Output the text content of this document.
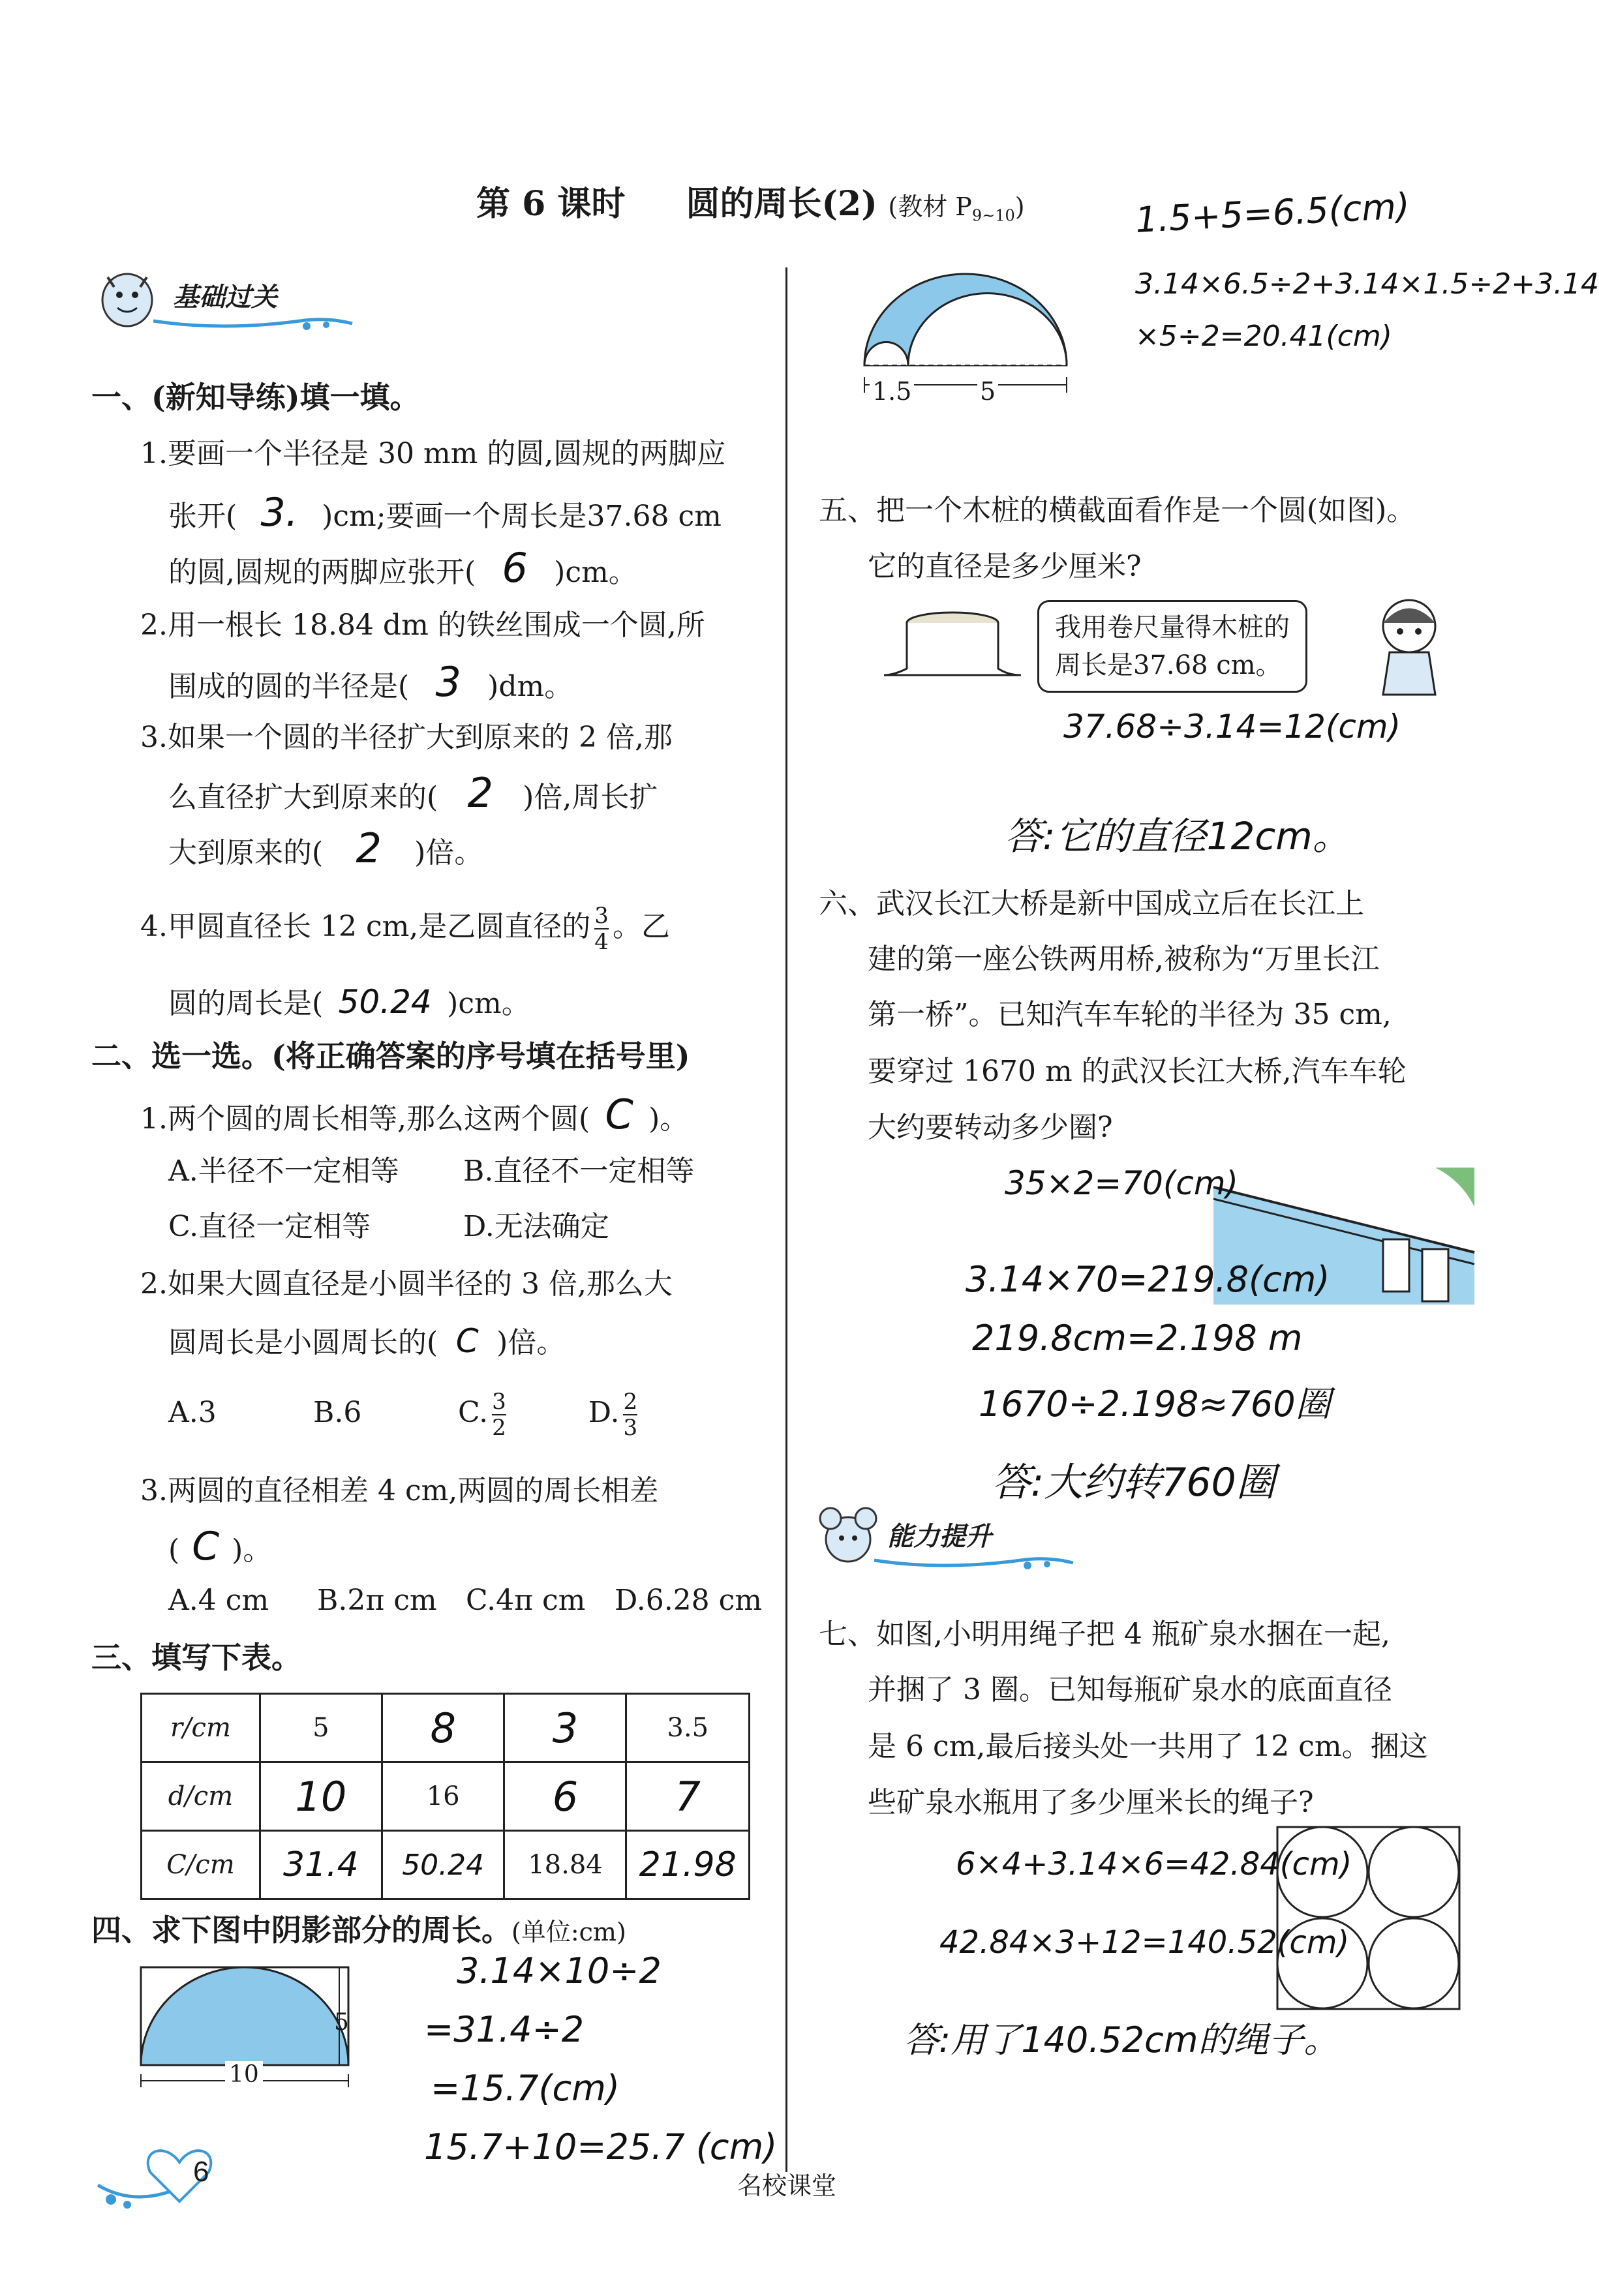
第 6 课时 圆的周长(2) (教材 $P_{9\sim 10}$)	1.5+5=6.5(cm)
3.14×6.5÷2+3.14×1.5÷2+3.14
×5÷2=20.41(cm)
基础过关
一、(新知导练)填一填。
1.要画一个半径是 30 mm 的圆,圆规的两脚应
张开( 3. )cm;要画一个周长是37.68 cm
的圆,圆规的两脚应张开( 6 )cm。
2.用一根长 18.84 dm 的铁丝围成一个圆,所
围成的圆的半径是( 3 )dm。
3.如果一个圆的半径扩大到原来的 2 倍,那
么直径扩大到原来的( 2 )倍,周长扩
大到原来的( 2 )倍。
4.甲圆直径长 12 cm,是乙圆直径的 $\frac{3}{4}$ 。乙
圆的周长是( 50.24 )cm。
二、选一选。(将正确答案的序号填在括号里)
1.两个圆的周长相等,那么这两个圆( C )。
A.半径不一定相等 B.直径不一定相等
C.直径一定相等	D.无法确定
2.如果大圆直径是小圆半径的 3 倍,那么大
圆周长是小圆周长的( C )倍。
A.3	B.6	C. $\frac{3}{2}$	D. $\frac{2}{3}$
3.两圆的直径相差 4 cm,两圆的周长相差
( C )。
A.4 cm B.2π cm C.4π cm D.6.28 cm
三、填写下表。
r/cm	5	8	3	3.5
d/cm	10	16	6	7
C/cm	31.4	50.24	18.84	21.98
四、求下图中阴影部分的周长。(单位:cm)
5
10
3.14×10÷2
=31.4÷2
=15.7(cm)
15.7+10=25.7 (cm)
1.5	5
五、把一个木桩的横截面看作是一个圆(如图)。
它的直径是多少厘米?
我用卷尺量得木桩的
周长是37.68 cm。
37.68÷3.14=12(cm)
答:它的直径12cm。
六、武汉长江大桥是新中国成立后在长江上
建的第一座公铁两用桥,被称为“万里长江
第一桥”。已知汽车车轮的半径为 35 cm,
要穿过 1670 m 的武汉长江大桥,汽车车轮
大约要转动多少圈?
35×2=70(cm)
3.14×70=219.8(cm)
219.8cm=2.198 m
1670÷2.198≈760圈
答:大约转760圈
能力提升
七、如图,小明用绳子把 4 瓶矿泉水捆在一起,
并捆了 3 圈。已知每瓶矿泉水的底面直径
是 6 cm,最后接头处一共用了 12 cm。捆这
些矿泉水瓶用了多少厘米长的绳子?
6×4+3.14×6=42.84(cm)
42.84×3+12=140.52(cm)
答:用了140.52cm的绳子。
6	名校课堂
